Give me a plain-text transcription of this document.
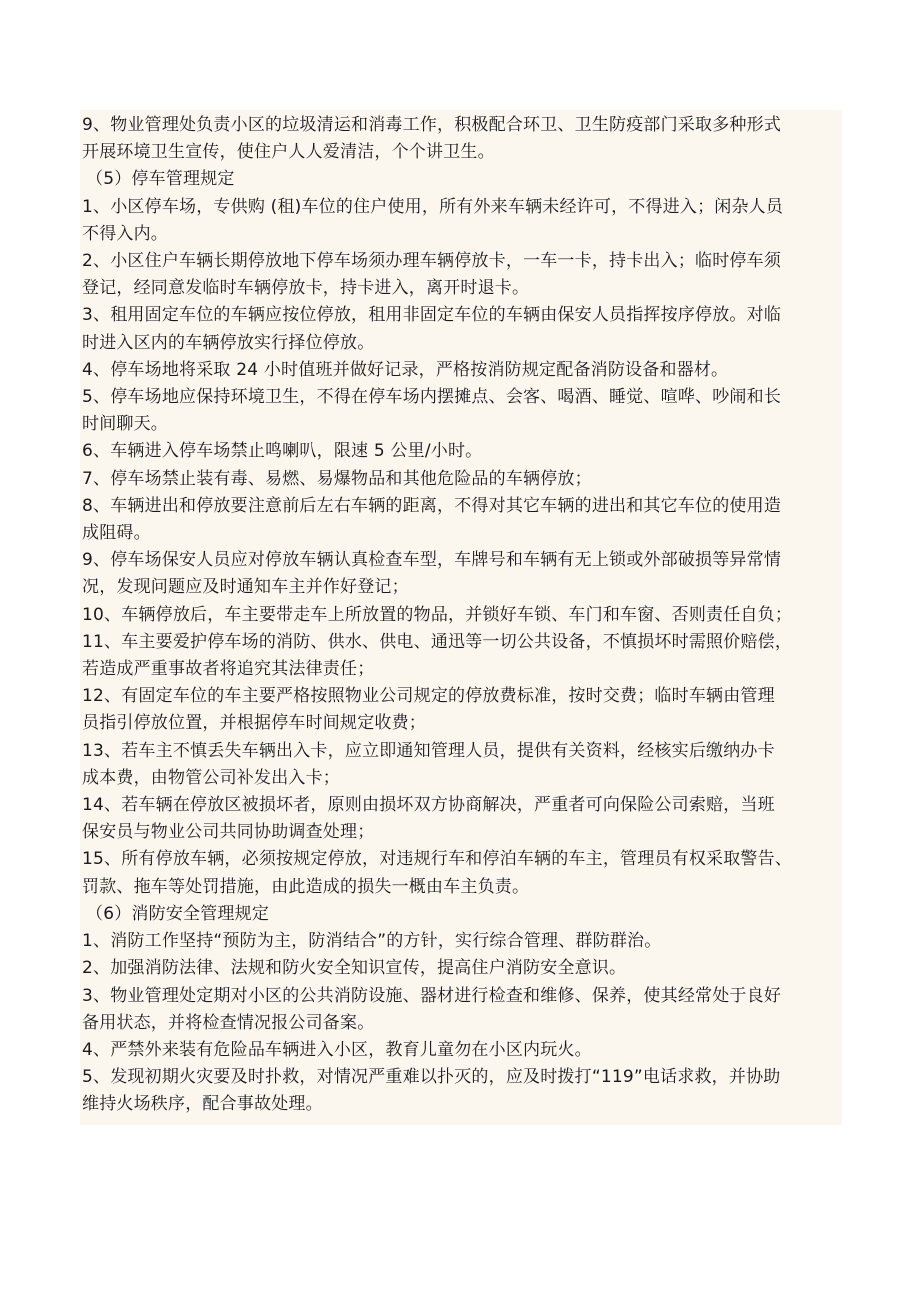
9、物业管理处负责小区的垃圾清运和消毒工作，积极配合环卫、卫生防疫部门采取多种形式
开展环境卫生宣传，使住户人人爱清洁，个个讲卫生。
（5）停车管理规定
1、小区停车场，专供购 (租)车位的住户使用，所有外来车辆未经许可，不得进入；闲杂人员
不得入内。
2、小区住户车辆长期停放地下停车场须办理车辆停放卡，一车一卡，持卡出入；临时停车须
登记，经同意发临时车辆停放卡，持卡进入，离开时退卡。
3、租用固定车位的车辆应按位停放，租用非固定车位的车辆由保安人员指挥按序停放。对临
时进入区内的车辆停放实行择位停放。
4、停车场地将采取 24 小时值班并做好记录，严格按消防规定配备消防设备和器材。
5、停车场地应保持环境卫生，不得在停车场内摆摊点、会客、喝酒、睡觉、喧哗、吵闹和长
时间聊天。
6、车辆进入停车场禁止鸣喇叭，限速 5 公里/小时。
7、停车场禁止装有毒、易燃、易爆物品和其他危险品的车辆停放；
8、车辆进出和停放要注意前后左右车辆的距离，不得对其它车辆的进出和其它车位的使用造
成阻碍。
9、停车场保安人员应对停放车辆认真检查车型，车牌号和车辆有无上锁或外部破损等异常情
况，发现问题应及时通知车主并作好登记；
10、车辆停放后，车主要带走车上所放置的物品，并锁好车锁、车门和车窗、否则责任自负；
11、车主要爱护停车场的消防、供水、供电、通迅等一切公共设备，不慎损坏时需照价赔偿，
若造成严重事故者将追究其法律责任；
12、有固定车位的车主要严格按照物业公司规定的停放费标准，按时交费；临时车辆由管理
员指引停放位置，并根据停车时间规定收费；
13、若车主不慎丢失车辆出入卡，应立即通知管理人员，提供有关资料，经核实后缴纳办卡
成本费，由物管公司补发出入卡；
14、若车辆在停放区被损坏者，原则由损坏双方协商解决，严重者可向保险公司索赔，当班
保安员与物业公司共同协助调查处理；
15、所有停放车辆，必须按规定停放，对违规行车和停泊车辆的车主，管理员有权采取警告、
罚款、拖车等处罚措施，由此造成的损失一概由车主负责。
（6）消防安全管理规定
1、消防工作坚持“预防为主，防消结合”的方针，实行综合管理、群防群治。
2、加强消防法律、法规和防火安全知识宣传，提高住户消防安全意识。
3、物业管理处定期对小区的公共消防设施、器材进行检查和维修、保养，使其经常处于良好
备用状态，并将检查情况报公司备案。
4、严禁外来装有危险品车辆进入小区，教育儿童勿在小区内玩火。
5、发现初期火灾要及时扑救，对情况严重难以扑灭的，应及时拨打“119”电话求救，并协助
维持火场秩序，配合事故处理。
